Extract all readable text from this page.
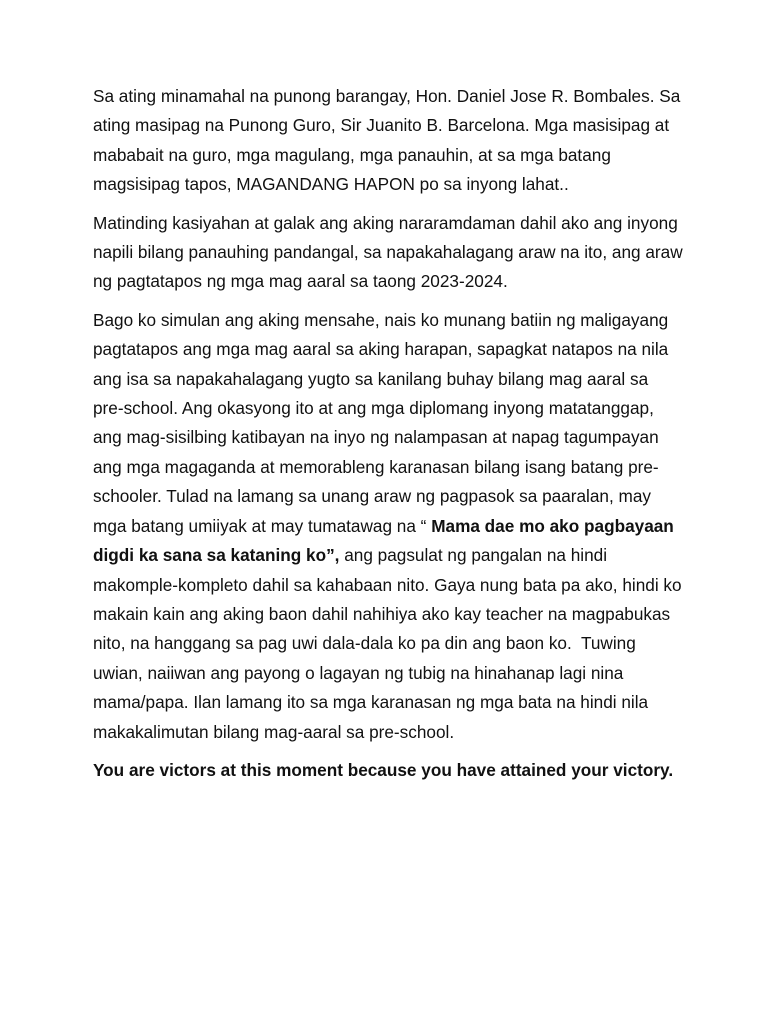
Sa ating minamahal na punong barangay, Hon. Daniel Jose R. Bombales. Sa ating masipag na Punong Guro, Sir Juanito B. Barcelona. Mga masisipag at mababait na guro, mga magulang, mga panauhin, at sa mga batang magsisipag tapos, MAGANDANG HAPON po sa inyong lahat..

Matinding kasiyahan at galak ang aking nararamdaman dahil ako ang inyong napili bilang panauhing pandangal, sa napakahalagang araw na ito, ang araw ng pagtatapos ng mga mag aaral sa taong 2023-2024.

Bago ko simulan ang aking mensahe, nais ko munang batiin ng maligayang pagtatapos ang mga mag aaral sa aking harapan, sapagkat natapos na nila ang isa sa napakahalagang yugto sa kanilang buhay bilang mag aaral sa pre-school. Ang okasyong ito at ang mga diplomang inyong matatanggap, ang mag-sisilbing katibayan na inyo ng nalampasan at napag tagumpayan ang mga magaganda at memorableng karanasan bilang isang batang pre-schooler. Tulad na lamang sa unang araw ng pagpasok sa paaralan, may mga batang umiiyak at may tumatawag na “ Mama dae mo ako pagbayaan digdi ka sana sa kataning ko”, ang pagsulat ng pangalan na hindi makomple-kompleto dahil sa kahabaan nito. Gaya nung bata pa ako, hindi ko makain kain ang aking baon dahil nahihiya ako kay teacher na magpabukas nito, na hanggang sa pag uwi dala-dala ko pa din ang baon ko.  Tuwing uwian, naiiwan ang payong o lagayan ng tubig na hinahanap lagi nina mama/papa. Ilan lamang ito sa mga karanasan ng mga bata na hindi nila makakalimutan bilang mag-aaral sa pre-school.

You are victors at this moment because you have attained your victory.
